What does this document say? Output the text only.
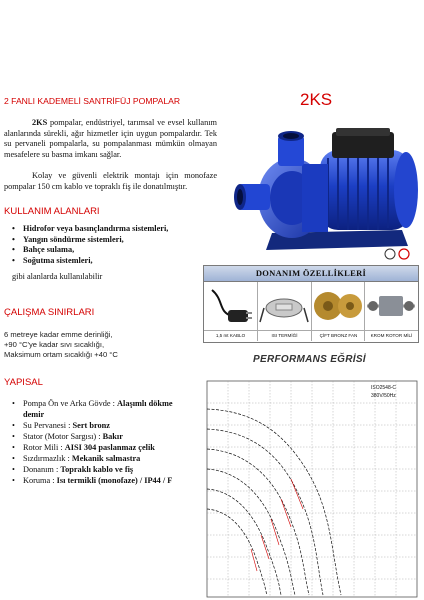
2 FANLI KADEMELİ SANTRİFÜJ POMPALAR	2KS
2KS pompalar, endüstriyel, tarımsal ve evsel kullanım alanlarında sürekli, ağır hizmetler için uygun pompalardır. Tek su pervaneli pompalarla, su pompalanması mümkün olmayan mesafelere su basma imkanı sağlar.
Kolay ve güvenli elektrik montajı için monofaze pompalar 150 cm kablo ve topraklı fiş ile donatılmıştır.
KULLANIM ALANLARI
• Hidrofor veya basınçlandırma sistemleri,
• Yangın söndürme sistemleri,
• Bahçe sulama,
• Soğutma sistemleri,
gibi alanlarda kullanılabilir
ÇALIŞMA SINIRLARI
6 metreye kadar emme derinliği,
+90 °C'ye kadar sıvı sıcaklığı,
Maksimum ortam sıcaklığı +40 °C
YAPISAL
• Pompa Ön ve Arka Gövde : Alaşımlı dökme demir
• Su Pervanesi : Sert bronz
• Stator (Motor Sargısı) : Bakır
• Rotor Mili : AISI 304 paslanmaz çelik
• Sızdırmazlık : Mekanik salmastra
• Donanım : Topraklı kablo ve fiş
• Koruma : Isı termikli (monofaze) / IP44 / F
DONANIM ÖZELLİKLERİ
1,5 mt KABLO	ISI TERMİĞİ	ÇİFT BRONZ FAN	KROM ROTOR MİLİ
PERFORMANS EĞRİSİ
ISO2548-C
380V/50Hz
